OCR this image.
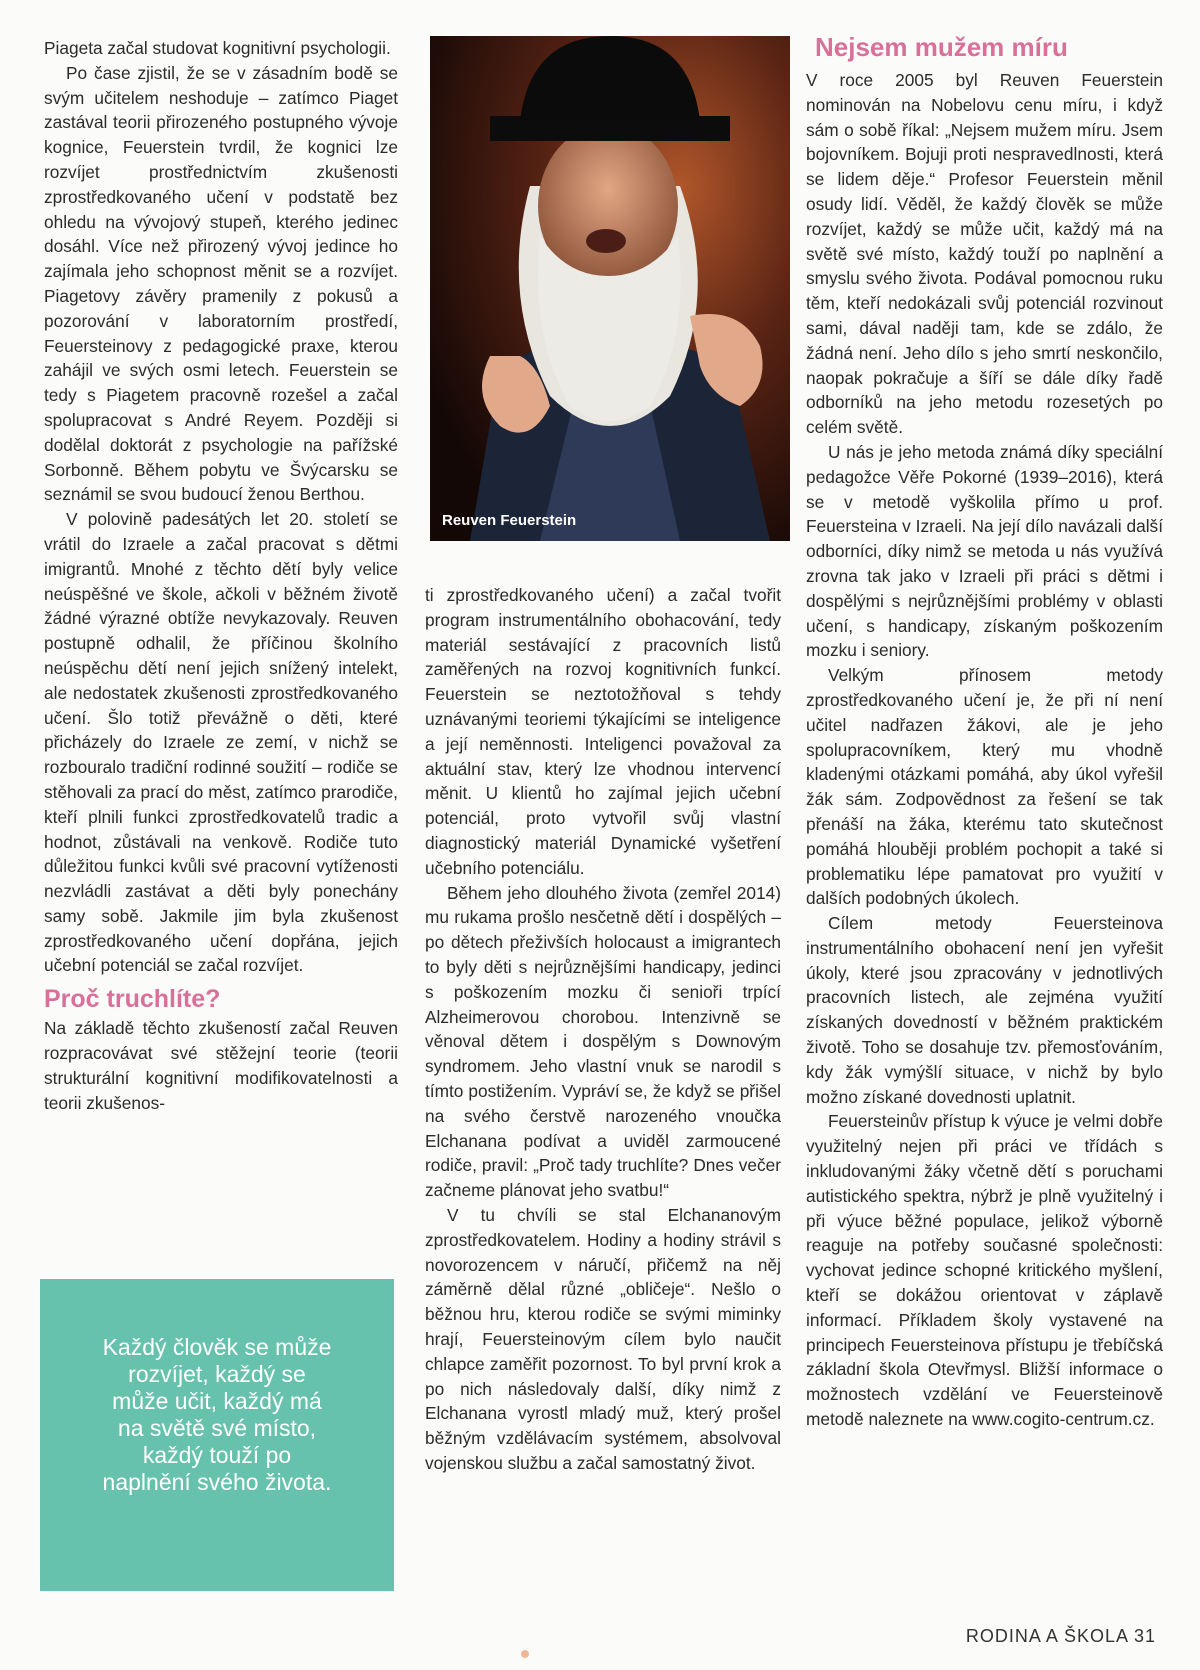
Piageta začal studovat kognitivní psychologii.

Po čase zjistil, že se v zásadním bodě se svým učitelem neshoduje – zatímco Piaget zastával teorii přirozeného postupného vývoje kognice, Feuerstein tvrdil, že kognici lze rozvíjet prostřednictvím zkušenosti zprostředkovaného učení v podstatě bez ohledu na vývojový stupeň, kterého jedinec dosáhl. Více než přirozený vývoj jedince ho zajímala jeho schopnost měnit se a rozvíjet. Piagetovy závěry pramenily z pokusů a pozorování v laboratorním prostředí, Feuersteinovy z pedagogické praxe, kterou zahájil ve svých osmi letech. Feuerstein se tedy s Piagetem pracovně rozešel a začal spolupracovat s André Reyem. Později si dodělal doktorát z psychologie na pařížské Sorbonně. Během pobytu ve Švýcarsku se seznámil se svou budoucí ženou Berthou.

V polovině padesátých let 20. století se vrátil do Izraele a začal pracovat s dětmi imigrantů. Mnohé z těchto dětí byly velice neúspěšné ve škole, ačkoli v běžném životě žádné výrazné obtíže nevykazovaly. Reuven postupně odhalil, že příčinou školního neúspěchu dětí není jejich snížený intelekt, ale nedostatek zkušenosti zprostředkovaného učení. Šlo totiž převážně o děti, které přicházely do Izraele ze zemí, v nichž se rozbouralo tradiční rodinné soužití – rodiče se stěhovali za prací do měst, zatímco prarodiče, kteří plnili funkci zprostředkovatelů tradic a hodnot, zůstávali na venkově. Rodiče tuto důležitou funkci kvůli své pracovní vytíženosti nezvládli zastávat a děti byly ponechány samy sobě. Jakmile jim byla zkušenost zprostředkovaného učení dopřána, jejich učební potenciál se začal rozvíjet.

Proč truchlíte?

Na základě těchto zkušeností začal Reuven rozpracovávat své stěžejní teorie (teorii strukturální kognitivní modifikovatelnosti a teorii zkušenos-

Reuven Feuerstein

ti zprostředkovaného učení) a začal tvořit program instrumentálního obohacování, tedy materiál sestávající z pracovních listů zaměřených na rozvoj kognitivních funkcí. Feuerstein se neztotožňoval s tehdy uznávanými teoriemi týkajícími se inteligence a její neměnnosti. Inteligenci považoval za aktuální stav, který lze vhodnou intervencí měnit. U klientů ho zajímal jejich učební potenciál, proto vytvořil svůj vlastní diagnostický materiál Dynamické vyšetření učebního potenciálu.

Během jeho dlouhého života (zemřel 2014) mu rukama prošlo nesčetně dětí i dospělých – po dětech přeživších holocaust a imigrantech to byly děti s nejrůznějšími handicapy, jedinci s poškozením mozku či senioři trpící Alzheimerovou chorobou. Intenzivně se věnoval dětem i dospělým s Downovým syndromem. Jeho vlastní vnuk se narodil s tímto postižením. Vypráví se, že když se přišel na svého čerstvě narozeného vnoučka Elchanana podívat a uviděl zarmoucené rodiče, pravil: „Proč tady truchlíte? Dnes večer začneme plánovat jeho svatbu!“

V tu chvíli se stal Elchananovým zprostředkovatelem. Hodiny a hodiny strávil s novorozencem v náručí, přičemž na něj záměrně dělal různé „obličeje“. Nešlo o běžnou hru, kterou rodiče se svými miminky hrají, Feuersteinovým cílem bylo naučit chlapce zaměřit pozornost. To byl první krok a po nich následovaly další, díky nimž z Elchanana vyrostl mladý muž, který prošel běžným vzdělávacím systémem, absolvoval vojenskou službu a začal samostatný život.

Nejsem mužem míru

V roce 2005 byl Reuven Feuerstein nominován na Nobelovu cenu míru, i když sám o sobě říkal: „Nejsem mužem míru. Jsem bojovníkem. Bojuji proti nespravedlnosti, která se lidem děje.“ Profesor Feuerstein měnil osudy lidí. Věděl, že každý člověk se může rozvíjet, každý se může učit, každý má na světě své místo, každý touží po naplnění a smyslu svého života. Podával pomocnou ruku těm, kteří nedokázali svůj potenciál rozvinout sami, dával naději tam, kde se zdálo, že žádná není. Jeho dílo s jeho smrtí neskončilo, naopak pokračuje a šíří se dále díky řadě odborníků na jeho metodu rozesetých po celém světě.

U nás je jeho metoda známá díky speciální pedagožce Věře Pokorné (1939–2016), která se v metodě vyškolila přímo u prof. Feuersteina v Izraeli. Na její dílo navázali další odborníci, díky nimž se metoda u nás využívá zrovna tak jako v Izraeli při práci s dětmi i dospělými s nejrůznějšími problémy v oblasti učení, s handicapy, získaným poškozením mozku i seniory.

Velkým přínosem metody zprostředkovaného učení je, že při ní není učitel nadřazen žákovi, ale je jeho spolupracovníkem, který mu vhodně kladenými otázkami pomáhá, aby úkol vyřešil žák sám. Zodpovědnost za řešení se tak přenáší na žáka, kterému tato skutečnost pomáhá hlouběji problém pochopit a také si problematiku lépe pamatovat pro využití v dalších podobných úkolech.

Cílem metody Feuersteinova instrumentálního obohacení není jen vyřešit úkoly, které jsou zpracovány v jednotlivých pracovních listech, ale zejména využití získaných dovedností v běžném praktickém životě. Toho se dosahuje tzv. přemosťováním, kdy žák vymýšlí situace, v nichž by bylo možno získané dovednosti uplatnit.

Feuersteinův přístup k výuce je velmi dobře využitelný nejen při práci ve třídách s inkludovanými žáky včetně dětí s poruchami autistického spektra, nýbrž je plně využitelný i při výuce běžné populace, jelikož výborně reaguje na potřeby současné společnosti: vychovat jedince schopné kritického myšlení, kteří se dokážou orientovat v záplavě informací. Příkladem školy vystavené na principech Feuersteinova přístupu je třebíčská základní škola Otevřmysl. Bližší informace o možnostech vzdělání ve Feuersteinově metodě naleznete na www.cogito-centrum.cz.

Každý člověk se může rozvíjet, každý se může učit, každý má na světě své místo, každý touží po naplnění svého života.
RODINA A ŠKOLA 31
